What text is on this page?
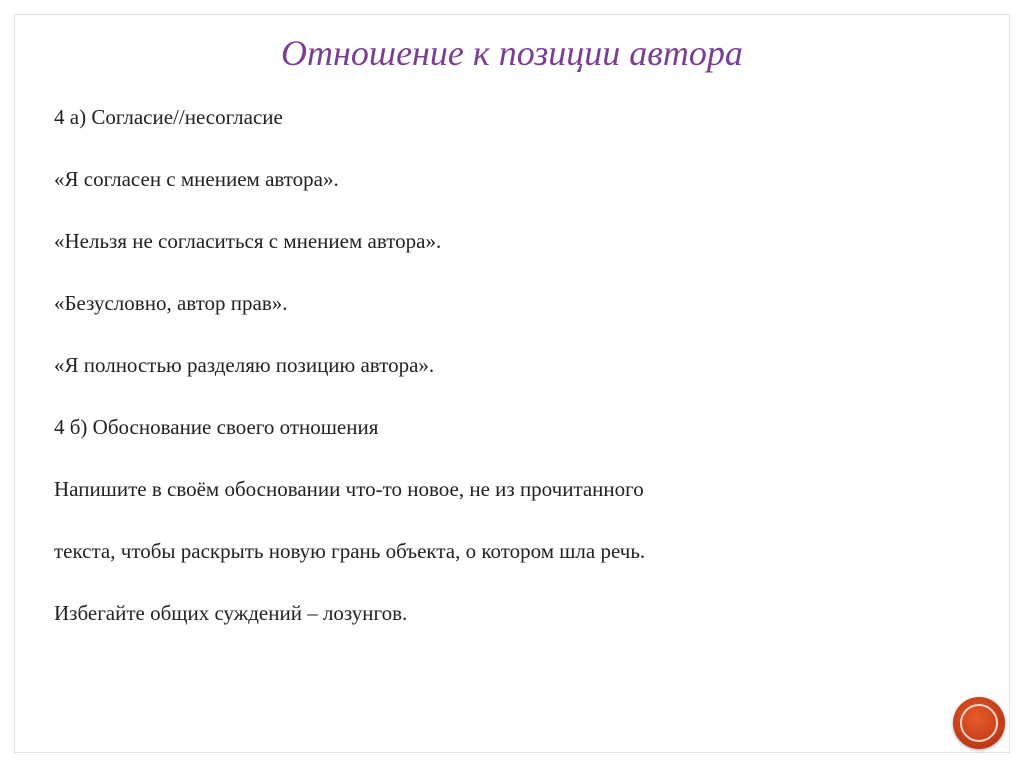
Отношение к позиции автора

4 а) Согласие//несогласие

«Я согласен с мнением автора».

«Нельзя не согласиться с мнением автора».

«Безусловно, автор прав».

«Я полностью разделяю позицию автора».

4 б) Обоснование своего отношения

Напишите в своём обосновании что-то новое, не из прочитанного

текста, чтобы раскрыть новую грань объекта, о котором шла речь.

Избегайте общих суждений – лозунгов.
